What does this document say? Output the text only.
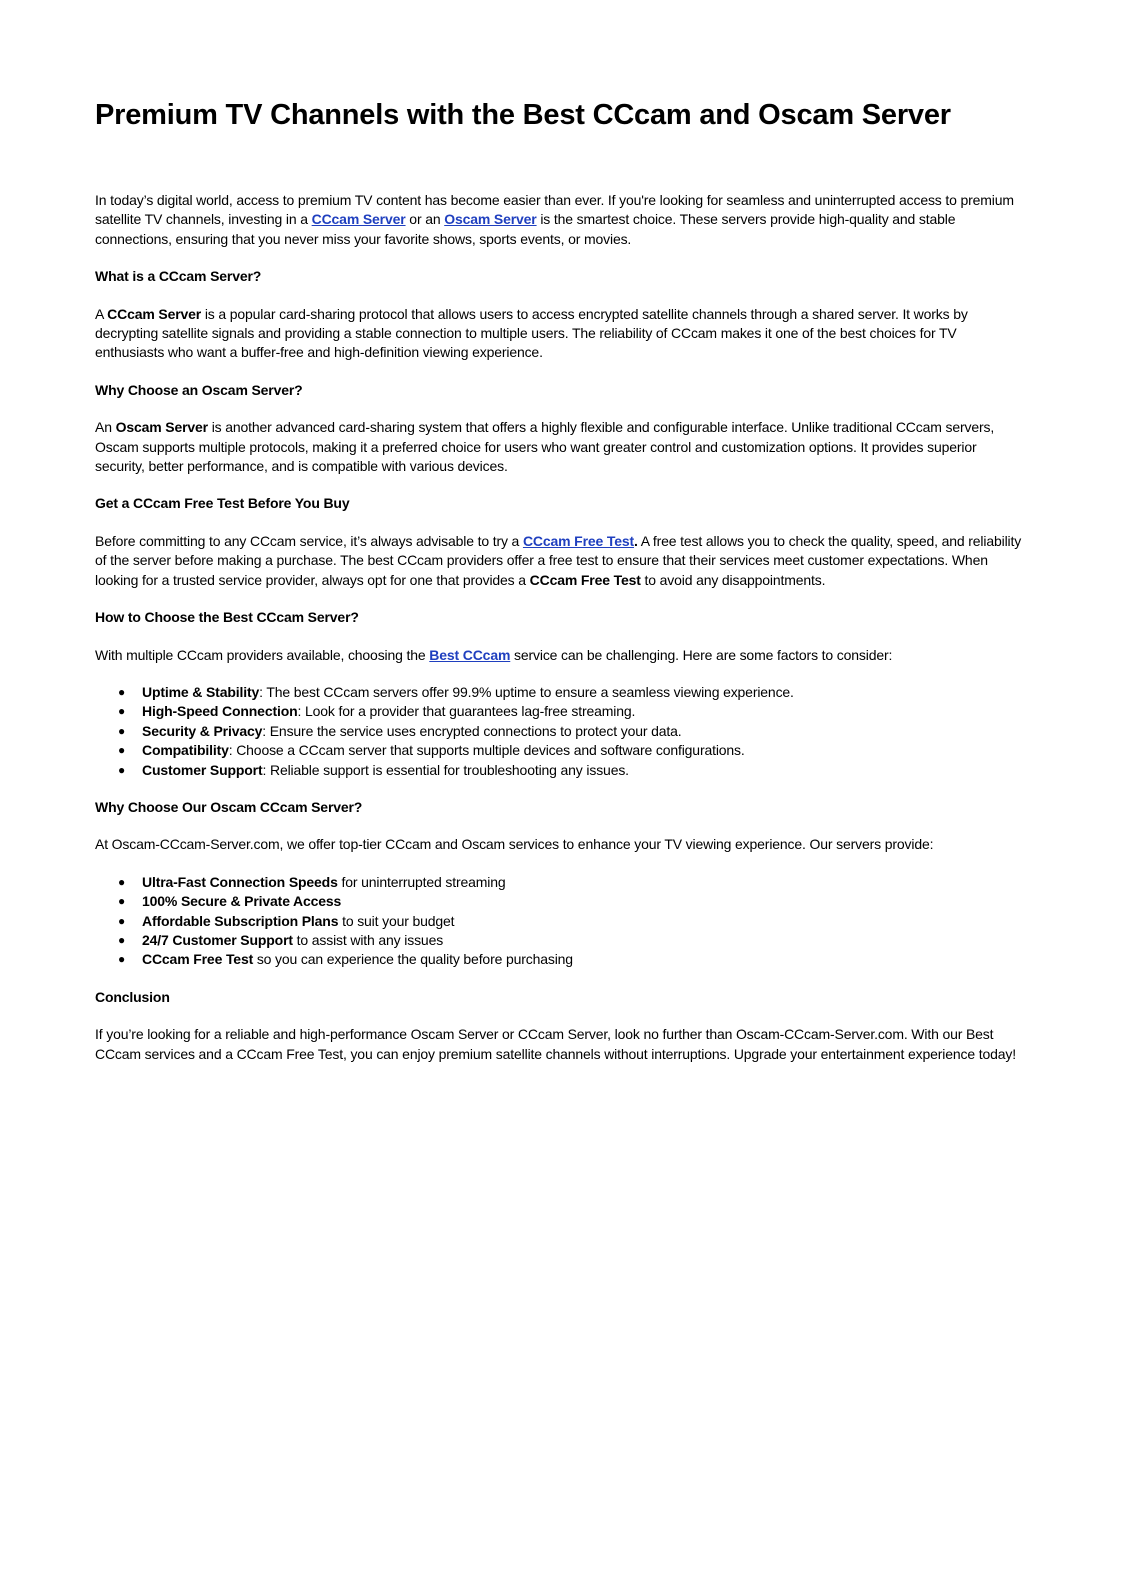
Premium TV Channels with the Best CCcam and Oscam Server

In today’s digital world, access to premium TV content has become easier than ever. If you're looking for seamless and uninterrupted access to premium satellite TV channels, investing in a CCcam Server or an Oscam Server is the smartest choice. These servers provide high-quality and stable connections, ensuring that you never miss your favorite shows, sports events, or movies.

What is a CCcam Server?

A CCcam Server is a popular card-sharing protocol that allows users to access encrypted satellite channels through a shared server. It works by decrypting satellite signals and providing a stable connection to multiple users. The reliability of CCcam makes it one of the best choices for TV enthusiasts who want a buffer-free and high-definition viewing experience.

Why Choose an Oscam Server?

An Oscam Server is another advanced card-sharing system that offers a highly flexible and configurable interface. Unlike traditional CCcam servers, Oscam supports multiple protocols, making it a preferred choice for users who want greater control and customization options. It provides superior security, better performance, and is compatible with various devices.

Get a CCcam Free Test Before You Buy

Before committing to any CCcam service, it’s always advisable to try a CCcam Free Test. A free test allows you to check the quality, speed, and reliability of the server before making a purchase. The best CCcam providers offer a free test to ensure that their services meet customer expectations. When looking for a trusted service provider, always opt for one that provides a CCcam Free Test to avoid any disappointments.

How to Choose the Best CCcam Server?

With multiple CCcam providers available, choosing the Best CCcam service can be challenging. Here are some factors to consider:

● Uptime & Stability: The best CCcam servers offer 99.9% uptime to ensure a seamless viewing experience.
● High-Speed Connection: Look for a provider that guarantees lag-free streaming.
● Security & Privacy: Ensure the service uses encrypted connections to protect your data.
● Compatibility: Choose a CCcam server that supports multiple devices and software configurations.
● Customer Support: Reliable support is essential for troubleshooting any issues.

Why Choose Our Oscam CCcam Server?

At Oscam-CCcam-Server.com, we offer top-tier CCcam and Oscam services to enhance your TV viewing experience. Our servers provide:

● Ultra-Fast Connection Speeds for uninterrupted streaming
● 100% Secure & Private Access
● Affordable Subscription Plans to suit your budget
● 24/7 Customer Support to assist with any issues
● CCcam Free Test so you can experience the quality before purchasing

Conclusion

If you’re looking for a reliable and high-performance Oscam Server or CCcam Server, look no further than Oscam-CCcam-Server.com. With our Best CCcam services and a CCcam Free Test, you can enjoy premium satellite channels without interruptions. Upgrade your entertainment experience today!
